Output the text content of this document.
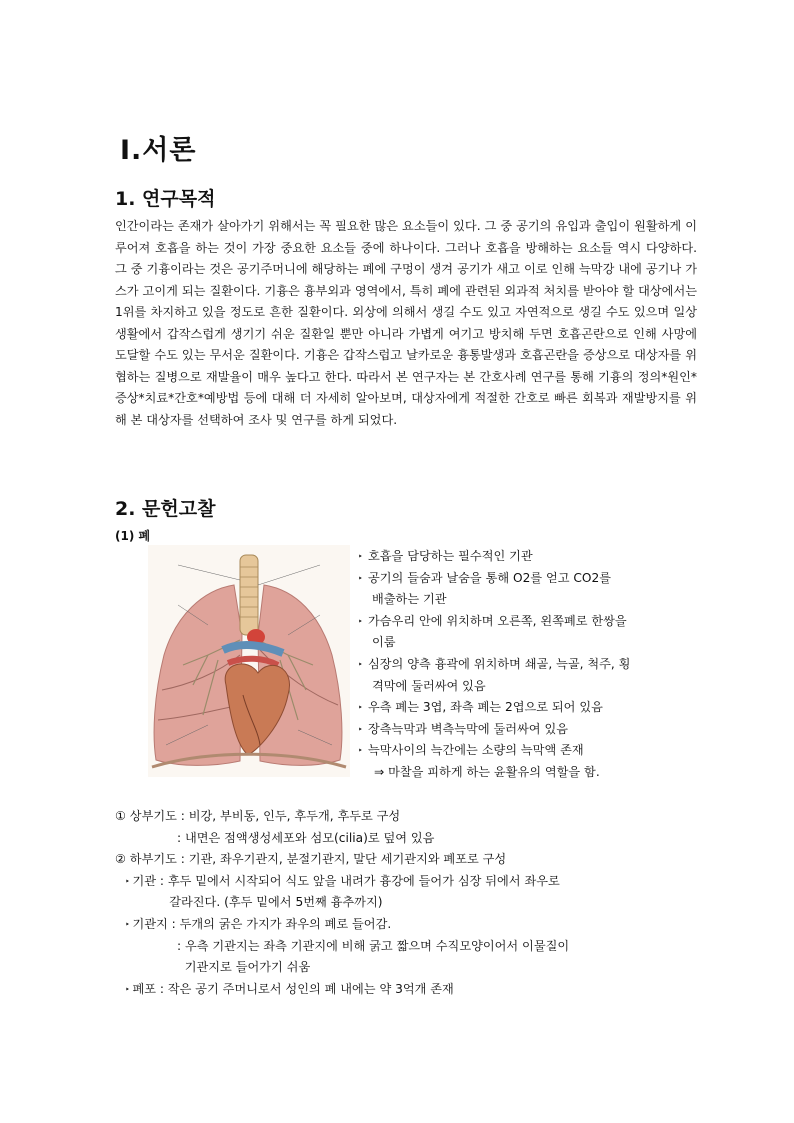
Ⅰ.서론
1. 연구목적
인간이라는 존재가 살아가기 위해서는 꼭 필요한 많은 요소들이 있다. 그 중 공기의 유입과 출입이 원활하게 이루어져 호흡을 하는 것이 가장 중요한 요소들 중에 하나이다. 그러나 호흡을 방해하는 요소들 역시 다양하다. 그 중 기흉이라는 것은 공기주머니에 해당하는 폐에 구멍이 생겨 공기가 새고 이로 인해 늑막강 내에 공기나 가스가 고이게 되는 질환이다. 기흉은 흉부외과 영역에서, 특히 폐에 관련된 외과적 처치를 받아야 할 대상에서는 1위를 차지하고 있을 정도로 흔한 질환이다. 외상에 의해서 생길 수도 있고 자연적으로 생길 수도 있으며 일상생활에서 갑작스럽게 생기기 쉬운 질환일 뿐만 아니라 가볍게 여기고 방치해 두면 호흡곤란으로 인해 사망에 도달할 수도 있는 무서운 질환이다. 기흉은 갑작스럽고 날카로운 흉통발생과 호흡곤란을 증상으로 대상자를 위협하는 질병으로 재발율이 매우 높다고 한다. 따라서 본 연구자는 본 간호사례 연구를 통해 기흉의 정의*원인*증상*치료*간호*예방법 등에 대해 더 자세히 알아보며, 대상자에게 적절한 간호로 빠른 회복과 재발방지를 위해 본 대상자를 선택하여 조사 및 연구를 하게 되었다.
2. 문헌고찰
(1) 폐
‣ 호흡을 담당하는 필수적인 기관
‣ 공기의 들숨과 날숨을 통해 O2를 얻고 CO2를
배출하는 기관
‣ 가슴우리 안에 위치하며 오른쪽, 왼쪽폐로 한쌍을
이룸
‣ 심장의 양측 흉곽에 위치하며 쇄골, 늑골, 척주, 횡
격막에 둘러싸여 있음
‣ 우측 폐는 3엽, 좌측 폐는 2엽으로 되어 있음
‣ 장측늑막과 벽측늑막에 둘러싸여 있음
‣ 늑막사이의 늑간에는 소량의 늑막액 존재
⇒ 마찰을 피하게 하는 윤활유의 역할을 함.
① 상부기도 : 비강, 부비동, 인두, 후두개, 후두로 구성
: 내면은 점액생성세포와 섬모(cilia)로 덮여 있음
② 하부기도 : 기관, 좌우기관지, 분절기관지, 말단 세기관지와 폐포로 구성
‣ 기관 : 후두 밑에서 시작되어 식도 앞을 내려가 흉강에 들어가 심장 뒤에서 좌우로
갈라진다. (후두 밑에서 5번째 흉추까지)
‣ 기관지 : 두개의 굵은 가지가 좌우의 폐로 들어감.
: 우측 기관지는 좌측 기관지에 비해 굵고 짧으며 수직모양이어서 이물질이
기관지로 들어가기 쉬움
‣ 폐포 : 작은 공기 주머니로서 성인의 폐 내에는 약 3억개 존재
